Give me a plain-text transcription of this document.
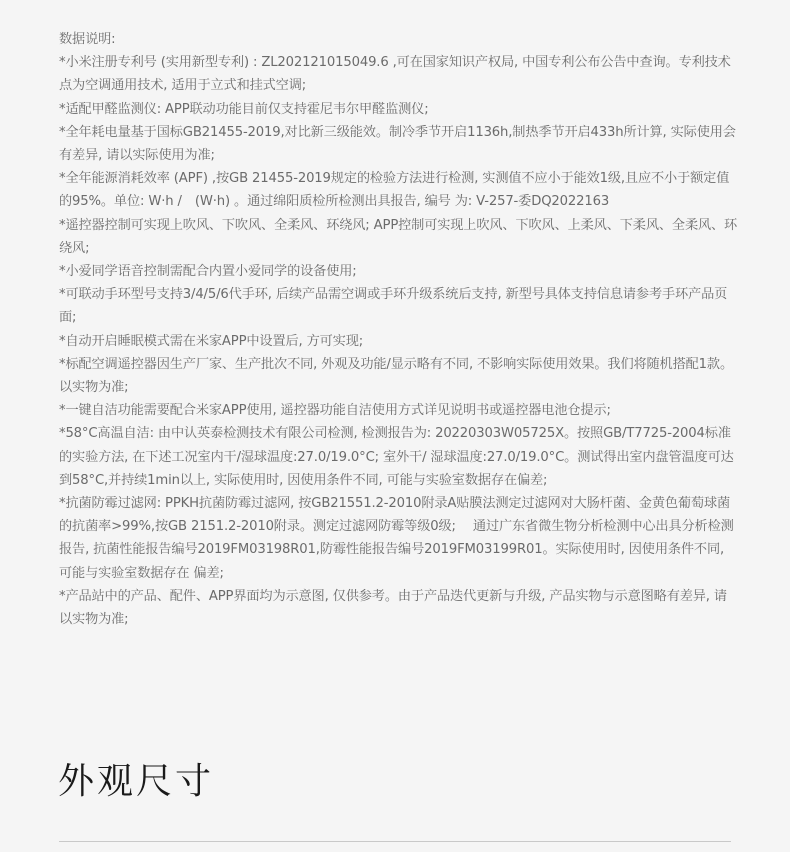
数据说明:

*小米注册专利号 (实用新型专利) : ZL202121015049.6 ,可在国家知识产权局, 中国专利公布公告中查询。专利技术点为空调通用技术, 适用于立式和挂式空调;

*适配甲醛监测仪: APP联动功能目前仅支持霍尼韦尔甲醛监测仪;

*全年耗电量基于国标GB21455-2019,对比新三级能效。制冷季节开启1136h,制热季节开启433h所计算, 实际使用会有差异, 请以实际使用为准;

*全年能源消耗效率 (APF) ,按GB 21455-2019规定的检验方法进行检测, 实测值不应小于能效1级,且应不小于额定值的95%。单位: W·h /　(W·h) 。通过绵阳质检所检测出具报告, 编号 为: V-257-委DQ2022163

*遥控器控制可实现上吹风、下吹风、全柔风、环绕风; APP控制可实现上吹风、下吹风、上柔风、下柔风、全柔风、环绕风;

*小爱同学语音控制需配合内置小爱同学的设备使用;

*可联动手环型号支持3/4/5/6代手环, 后续产品需空调或手环升级系统后支持, 新型号具体支持信息请参考手环产品页面;

*自动开启睡眠模式需在米家APP中设置后, 方可实现;

*标配空调遥控器因生产厂家、生产批次不同, 外观及功能/显示略有不同, 不影响实际使用效果。我们将随机搭配1款。以实物为准;

*一键自洁功能需要配合米家APP使用, 遥控器功能自洁使用方式详见说明书或遥控器电池仓提示;

*58°C高温自洁: 由中认英泰检测技术有限公司检测, 检测报告为: 20220303W05725X。按照GB/T7725-2004标准的实验方法, 在下述工况室内干/湿球温度:27.0/19.0°C; 室外干/ 湿球温度:27.0/19.0°C。测试得出室内盘管温度可达到58°C,并持续1min以上, 实际使用时, 因使用条件不同, 可能与实验室数据存在偏差;

*抗菌防霉过滤网: PPKH抗菌防霉过滤网, 按GB21551.2-2010附录A贴膜法测定过滤网对大肠杆菌、金黄色葡萄球菌的抗菌率>99%,按GB 2151.2-2010附录。测定过滤网防霉等级0级;　 通过广东省微生物分析检测中心出具分析检测报告, 抗菌性能报告编号2019FM03198R01,防霉性能报告编号2019FM03199R01。实际使用时, 因使用条件不同, 可能与实验室数据存在 偏差;

*产品站中的产品、配件、APP界面均为示意图, 仅供参考。由于产品迭代更新与升级, 产品实物与示意图略有差异, 请以实物为准;

外观尺寸
